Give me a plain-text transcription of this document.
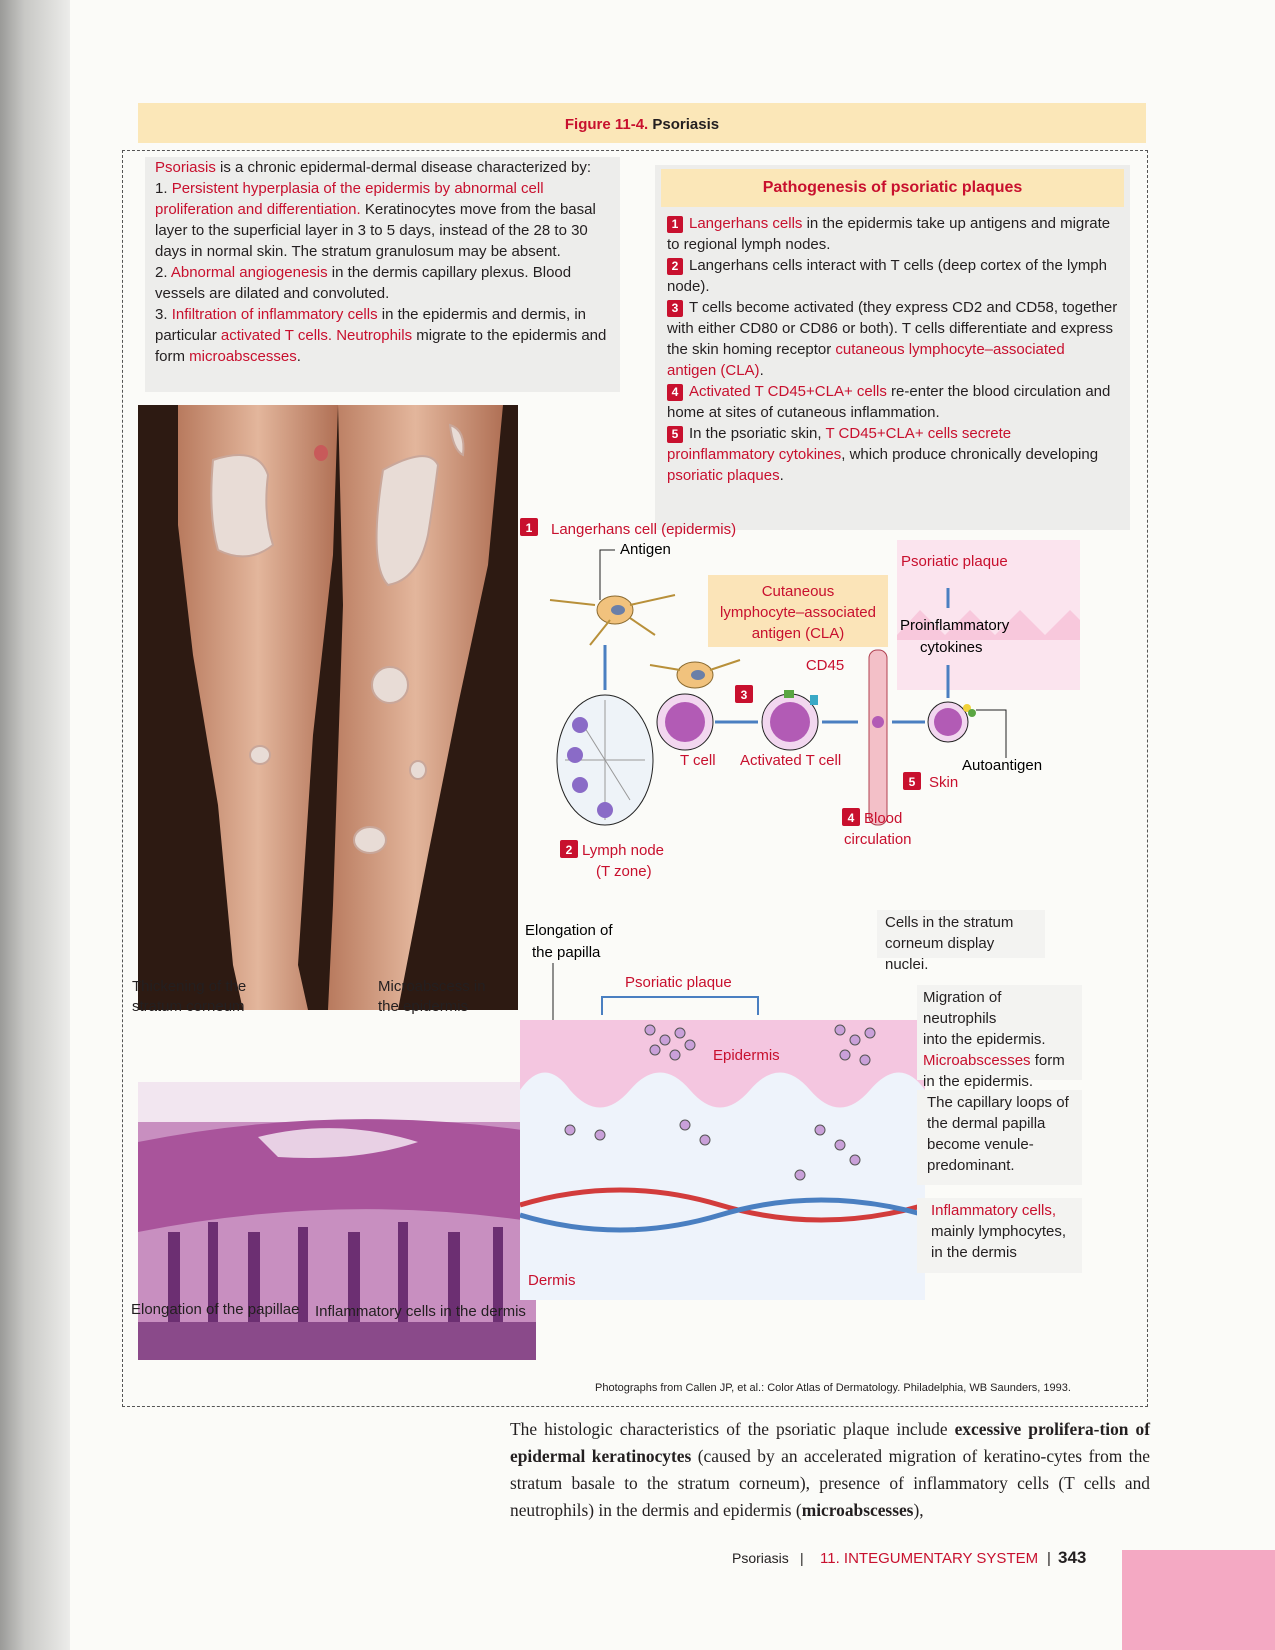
Figure 11-4. Psoriasis

Psoriasis is a chronic epidermal-dermal disease characterized by:

1. Persistent hyperplasia of the epidermis by abnormal cell proliferation and differentiation. Keratinocytes move from the basal layer to the superficial layer in 3 to 5 days, instead of the 28 to 30 days in normal skin. The stratum granulosum may be absent.

2. Abnormal angiogenesis in the dermis capillary plexus. Blood vessels are dilated and convoluted.

3. Infiltration of inflammatory cells in the epidermis and dermis, in particular activated T cells. Neutrophils migrate to the epidermis and form microabscesses.

Pathogenesis of psoriatic plaques
1 Langerhans cells in the epidermis take up antigens and migrate to regional lymph nodes.
2 Langerhans cells interact with T cells (deep cortex of the lymph node).
3 T cells become activated (they express CD2 and CD58, together with either CD80 or CD86 or both). T cells differentiate and express the skin homing receptor cutaneous lymphocyte–associated antigen (CLA).
4 Activated T CD45+CLA+ cells re-enter the blood circulation and home at sites of cutaneous inflammation.
5 In the psoriatic skin, T CD45+CLA+ cells secrete proinflammatory cytokines, which produce chronically developing psoriatic plaques.
Thickening of the
stratum corneum
Microabscess in
the epidermis
Elongation of the papillae Inflammatory cells in the dermis
1 Langerhans cell (epidermis)
Antigen
T cell
3
Activated T cell
Cutaneous
lymphocyte–associated
antigen (CLA)
CD45
Psoriatic plaque
Proinflammatory
cytokines
Autoantigen
5 Skin
4 Blood
circulation
2 Lymph node
(T zone)
Elongation of
the papilla
Psoriatic plaque
Epidermis
Dermis
Cells in the stratum
corneum display nuclei.
Migration of neutrophils
into the epidermis.
Microabscesses form
in the epidermis.
The capillary loops of
the dermal papilla
become venule-
predominant.
Inflammatory cells,
mainly lymphocytes,
in the dermis
Photographs from Callen JP, et al.: Color Atlas of Dermatology. Philadelphia, WB Saunders, 1993.
The histologic characteristics of the psoriatic plaque include excessive prolifera-tion of epidermal keratinocytes (caused by an accelerated migration of keratino-cytes from the stratum basale to the stratum corneum), presence of inflammatory cells (T cells and neutrophils) in the dermis and epidermis (microabscesses),
Psoriasis | 11. INTEGUMENTARY SYSTEM | 343
